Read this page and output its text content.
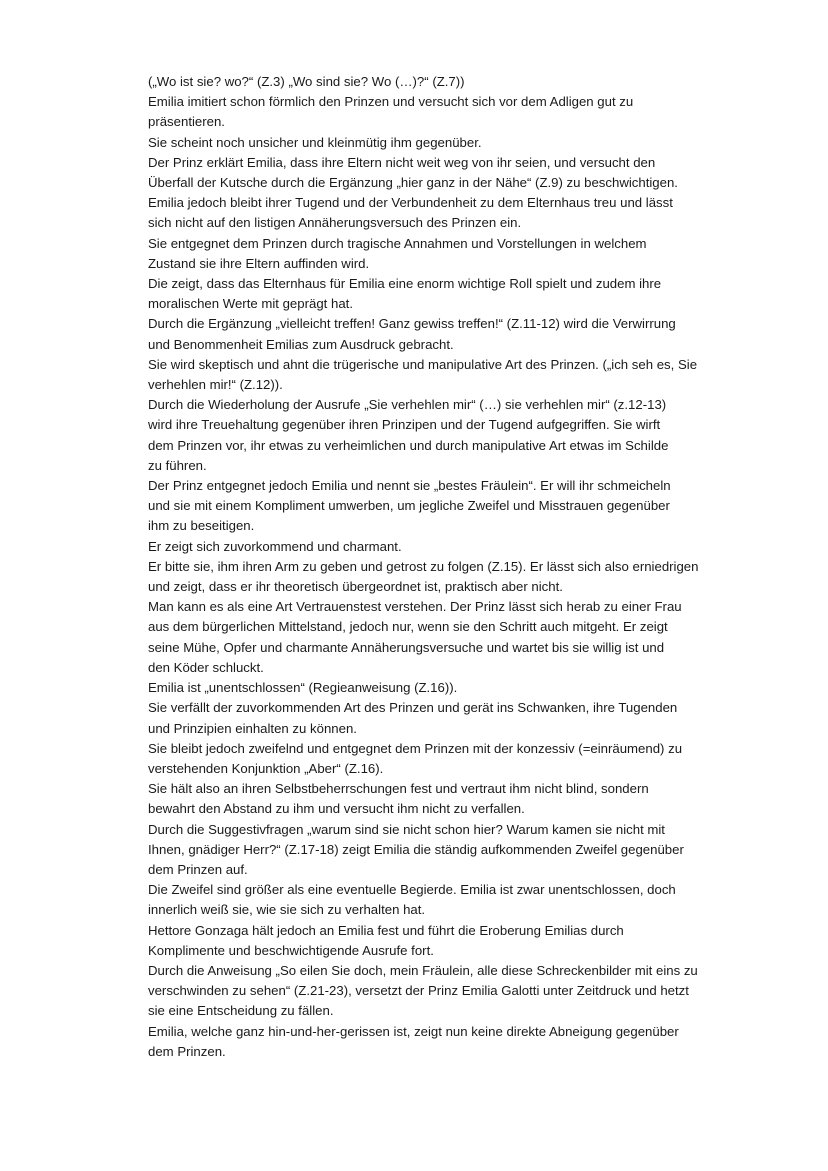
(„Wo ist sie? wo?“ (Z.3) „Wo sind sie? Wo (…)?“ (Z.7))
Emilia imitiert schon förmlich den Prinzen und versucht sich vor dem Adligen gut zu
präsentieren.
Sie scheint noch unsicher und kleinmütig ihm gegenüber.
Der Prinz erklärt Emilia, dass ihre Eltern nicht weit weg von ihr seien, und versucht den
Überfall der Kutsche durch die Ergänzung „hier ganz in der Nähe“ (Z.9) zu beschwichtigen.
Emilia jedoch bleibt ihrer Tugend und der Verbundenheit zu dem Elternhaus treu und lässt
sich nicht auf den listigen Annäherungsversuch des Prinzen ein.
Sie entgegnet dem Prinzen durch tragische Annahmen und Vorstellungen in welchem
Zustand sie ihre Eltern auffinden wird.
Die zeigt, dass das Elternhaus für Emilia eine enorm wichtige Roll spielt und zudem ihre
moralischen Werte mit geprägt hat.
Durch die Ergänzung „vielleicht treffen! Ganz gewiss treffen!“ (Z.11-12) wird die Verwirrung
und Benommenheit Emilias zum Ausdruck gebracht.
Sie wird skeptisch und ahnt die trügerische und manipulative Art des Prinzen. („ich seh es, Sie
verhehlen mir!“ (Z.12)).
Durch die Wiederholung der Ausrufe „Sie verhehlen mir“ (…) sie verhehlen mir“ (z.12-13)
wird ihre Treuehaltung gegenüber ihren Prinzipen und der Tugend aufgegriffen. Sie wirft
dem Prinzen vor, ihr etwas zu verheimlichen und durch manipulative Art etwas im Schilde
zu führen.
Der Prinz entgegnet jedoch Emilia und nennt sie „bestes Fräulein“. Er will ihr schmeicheln
und sie mit einem Kompliment umwerben, um jegliche Zweifel und Misstrauen gegenüber
ihm zu beseitigen.
Er zeigt sich zuvorkommend und charmant.
Er bitte sie, ihm ihren Arm zu geben und getrost zu folgen (Z.15). Er lässt sich also erniedrigen
und zeigt, dass er ihr theoretisch übergeordnet ist, praktisch aber nicht.
Man kann es als eine Art Vertrauenstest verstehen. Der Prinz lässt sich herab zu einer Frau
aus dem bürgerlichen Mittelstand, jedoch nur, wenn sie den Schritt auch mitgeht. Er zeigt
seine Mühe, Opfer und charmante Annäherungsversuche und wartet bis sie willig ist und
den Köder schluckt.
Emilia ist „unentschlossen“ (Regieanweisung (Z.16)).
Sie verfällt der zuvorkommenden Art des Prinzen und gerät ins Schwanken, ihre Tugenden
und Prinzipien einhalten zu können.
Sie bleibt jedoch zweifelnd und entgegnet dem Prinzen mit der konzessiv (=einräumend) zu
verstehenden Konjunktion „Aber“ (Z.16).
Sie hält also an ihren Selbstbeherrschungen fest und vertraut ihm nicht blind, sondern
bewahrt den Abstand zu ihm und versucht ihm nicht zu verfallen.
Durch die Suggestivfragen „warum sind sie nicht schon hier? Warum kamen sie nicht mit
Ihnen, gnädiger Herr?“ (Z.17-18) zeigt Emilia die ständig aufkommenden Zweifel gegenüber
dem Prinzen auf.
Die Zweifel sind größer als eine eventuelle Begierde. Emilia ist zwar unentschlossen, doch
innerlich weiß sie, wie sie sich zu verhalten hat.
Hettore Gonzaga hält jedoch an Emilia fest und führt die Eroberung Emilias durch
Komplimente und beschwichtigende Ausrufe fort.
Durch die Anweisung „So eilen Sie doch, mein Fräulein, alle diese Schreckenbilder mit eins zu
verschwinden zu sehen“ (Z.21-23), versetzt der Prinz Emilia Galotti unter Zeitdruck und hetzt
sie eine Entscheidung zu fällen.
Emilia, welche ganz hin-und-her-gerissen ist, zeigt nun keine direkte Abneigung gegenüber
dem Prinzen.
